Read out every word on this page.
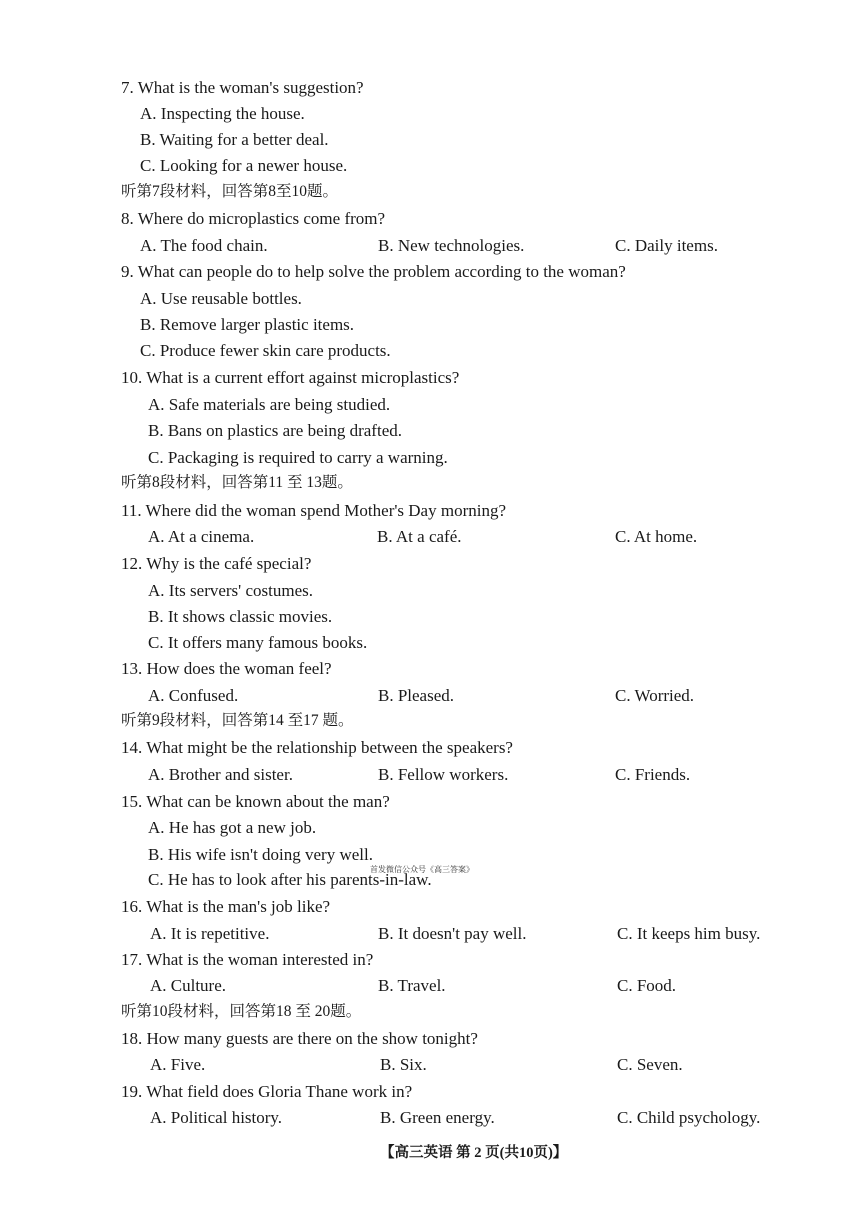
7. What is the woman's suggestion?
A. Inspecting the house.
B. Waiting for a better deal.
C. Looking for a newer house.
听第7段材料，回答第8至10题。
8. Where do microplastics come from?
A. The food chain.	B. New technologies.	C. Daily items.
9. What can people do to help solve the problem according to the woman?
A. Use reusable bottles.
B. Remove larger plastic items.
C. Produce fewer skin care products.
10. What is a current effort against microplastics?
A. Safe materials are being studied.
B. Bans on plastics are being drafted.
C. Packaging is required to carry a warning.
听第8段材料，回答第11 至 13题。
11. Where did the woman spend Mother's Day morning?
A. At a cinema.	B. At a café.	C. At home.
12. Why is the café special?
A. Its servers' costumes.
B. It shows classic movies.
C. It offers many famous books.
13. How does the woman feel?
A. Confused.	B. Pleased.	C. Worried.
听第9段材料，回答第14 至17 题。
14. What might be the relationship between the speakers?
A. Brother and sister.	B. Fellow workers.	C. Friends.
15. What can be known about the man?
A. He has got a new job.
B. His wife isn't doing very well.
C. He has to look after his parents-in-law.
16. What is the man's job like?
A. It is repetitive.	B. It doesn't pay well.	C. It keeps him busy.
17. What is the woman interested in?
A. Culture.	B. Travel.	C. Food.
听第10段材料，回答第18 至 20题。
18. How many guests are there on the show tonight?
A. Five.	B. Six.	C. Seven.
19. What field does Gloria Thane work in?
A. Political history.	B. Green energy.	C. Child psychology.
首发微信公众号《高三答案》
【高三英语 第 2 页(共10页)】
